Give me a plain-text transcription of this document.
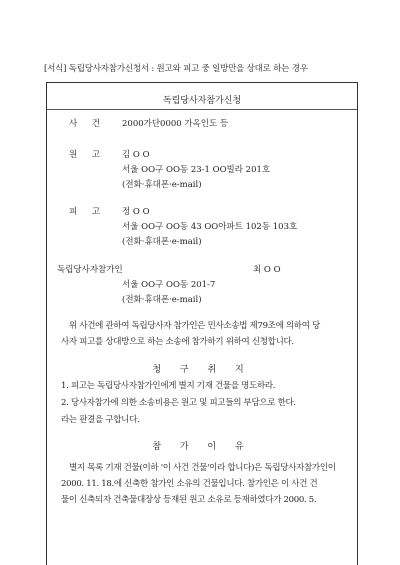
[서식] 독립당사자참가신청서 : 원고와 피고 중 일방만을 상대로 하는 경우
독립당사자참가신청
사 건 2000가단0000 가옥인도 등
원 고 김 O O
서울 OO구 OO동 23-1 OO빌라 201호
(전화·휴대폰·e-mail)
피 고 정 O O
서울 OO구 OO동 43 OO아파트 102동 103호
(전화·휴대폰·e-mail)
독립당사자참가인	최 O O
서울 OO구 OO동 201-7
(전화·휴대폰·e-mail)
위 사건에 관하여 독립당사자 참가인은 민사소송법 제79조에 의하여 당
사자 피고를 상대방으로 하는 소송에 참가하기 위하여 신청합니다.
청 구 취 지
1. 피고는 독립당사자참가인에게 별지 기재 건물을 명도하라.
2. 당사자참가에 의한 소송비용은 원고 및 피고들의 부담으로 한다.
라는 판결을 구합니다.
참 가 이 유
별지 목록 기재 건물(이하 '이 사건 건물'이라 합니다)은 독립당사자참가인이
2000. 11. 18.에 신축한 참가인 소유의 건물입니다. 참가인은 이 사건 건
물이 신축되자 건축물대장상 등재된 원고 소유로 등재하였다가 2000. 5.
